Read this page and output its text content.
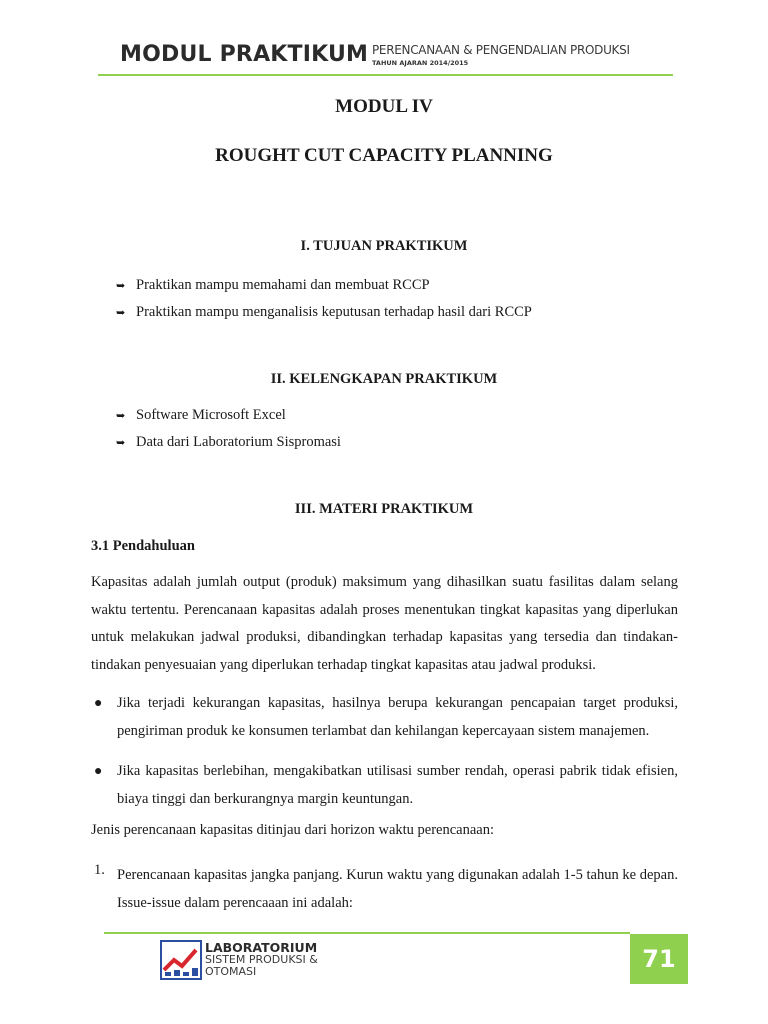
MODUL PRAKTIKUM PERENCANAAN & PENGENDALIAN PRODUKSI
TAHUN AJARAN 2014/2015
MODUL IV
ROUGHT CUT CAPACITY PLANNING
I. TUJUAN PRAKTIKUM
➥ Praktikan mampu memahami dan membuat RCCP
➥ Praktikan mampu menganalisis keputusan terhadap hasil dari RCCP
II. KELENGKAPAN PRAKTIKUM
➥ Software Microsoft Excel
➥ Data dari Laboratorium Sispromasi
III. MATERI PRAKTIKUM
3.1 Pendahuluan
Kapasitas adalah jumlah output (produk) maksimum yang dihasilkan suatu fasilitas dalam selang waktu tertentu. Perencanaan kapasitas adalah proses menentukan tingkat kapasitas yang diperlukan untuk melakukan jadwal produksi, dibandingkan terhadap kapasitas yang tersedia dan tindakan-tindakan penyesuaian yang diperlukan terhadap tingkat kapasitas atau jadwal produksi.
● Jika terjadi kekurangan kapasitas, hasilnya berupa kekurangan pencapaian target produksi, pengiriman produk ke konsumen terlambat dan kehilangan kepercayaan sistem manajemen.
● Jika kapasitas berlebihan, mengakibatkan utilisasi sumber rendah, operasi pabrik tidak efisien, biaya tinggi dan berkurangnya margin keuntungan.
Jenis perencanaan kapasitas ditinjau dari horizon waktu perencanaan:
1. Perencanaan kapasitas jangka panjang. Kurun waktu yang digunakan adalah 1-5 tahun ke depan. Issue-issue dalam perencaaan ini adalah:
LABORATORIUM
SISTEM PRODUKSI &
OTOMASI	71
